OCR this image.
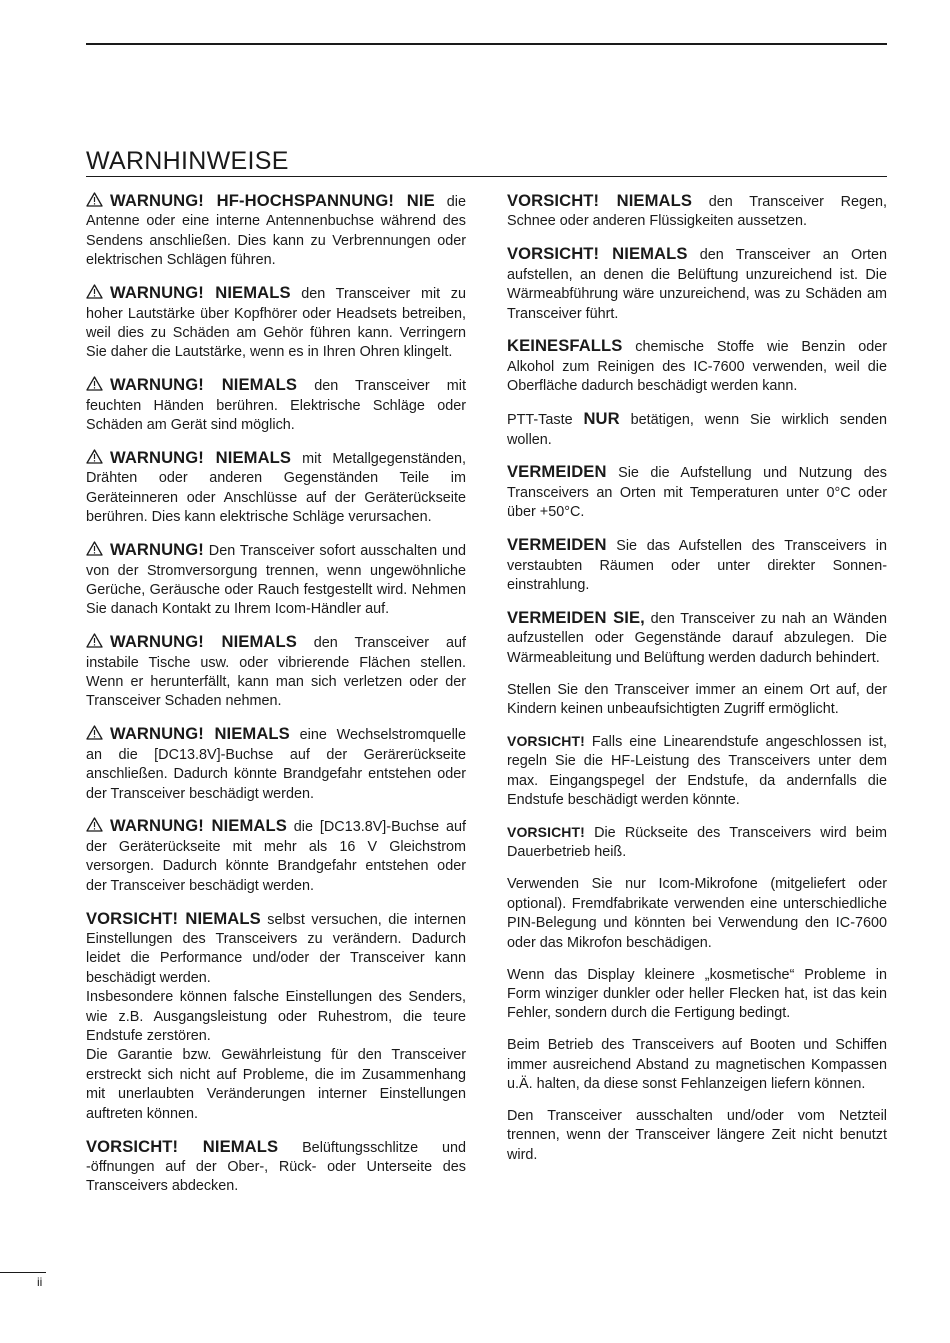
WARNHINWEISE

WARNUNG! HF-HOCHSPANNUNG! NIE die Antenne oder eine interne Antennenbuchse während des Sendens anschließen. Dies kann zu Verbrennungen oder elektrischen Schlägen führen.

WARNUNG! NIEMALS den Transceiver mit zu hoher Lautstärke über Kopfhörer oder Headsets betreiben, weil dies zu Schäden am Gehör führen kann. Verringern Sie daher die Lautstärke, wenn es in Ihren Ohren klingelt.

WARNUNG! NIEMALS den Transceiver mit feuchten Händen berühren. Elektrische Schläge oder Schäden am Gerät sind möglich.

WARNUNG! NIEMALS mit Metallgegenständen, Drähten oder anderen Gegenständen Teile im Geräteinneren oder Anschlüsse auf der Geräterückseite berühren. Dies kann elektrische Schläge verursachen.

WARNUNG! Den Transceiver sofort ausschalten und von der Stromversorgung trennen, wenn ungewöhnliche Gerüche, Geräusche oder Rauch festgestellt wird. Nehmen Sie danach Kontakt zu Ihrem Icom-Händler auf.

WARNUNG! NIEMALS den Transceiver auf instabile Tische usw. oder vibrierende Flächen stellen. Wenn er herunterfällt, kann man sich verletzen oder der Transceiver Schaden nehmen.

WARNUNG! NIEMALS eine Wechselstromquelle an die [DC13.8V]-Buchse auf der Gerärerückseite anschließen. Dadurch könnte Brandgefahr entstehen oder der Transceiver beschädigt werden.

WARNUNG! NIEMALS die [DC13.8V]-Buchse auf der Geräterückseite mit mehr als 16 V Gleichstrom versorgen. Dadurch könnte Brandgefahr entstehen oder der Transceiver beschädigt werden.

VORSICHT! NIEMALS selbst versuchen, die internen Einstellungen des Transceivers zu verändern. Dadurch leidet die Performance und/oder der Transceiver kann beschädigt werden.
Insbesondere können falsche Einstellungen des Senders, wie z.B. Ausgangsleistung oder Ruhestrom, die teure Endstufe zerstören.
Die Garantie bzw. Gewährleistung für den Transceiver erstreckt sich nicht auf Probleme, die im Zusammenhang mit unerlaubten Veränderungen interner Einstellungen auftreten können.

VORSICHT! NIEMALS Belüftungsschlitze und -öffnungen auf der Ober-, Rück- oder Unterseite des Transceivers abdecken.

VORSICHT! NIEMALS den Transceiver Regen, Schnee oder anderen Flüssigkeiten aussetzen.

VORSICHT! NIEMALS den Transceiver an Orten aufstellen, an denen die Belüftung unzureichend ist. Die Wärmeabführung wäre unzureichend, was zu Schäden am Transceiver führt.

KEINESFALLS chemische Stoffe wie Benzin oder Alkohol zum Reinigen des IC-7600 verwenden, weil die Oberfläche dadurch beschädigt werden kann.

PTT-Taste NUR betätigen, wenn Sie wirklich senden wollen.

VERMEIDEN Sie die Aufstellung und Nutzung des Transceivers an Orten mit Temperaturen unter 0°C oder über +50°C.

VERMEIDEN Sie das Aufstellen des Transceivers in verstaubten Räumen oder unter direkter Sonneneinstrahlung.

VERMEIDEN SIE, den Transceiver zu nah an Wänden aufzustellen oder Gegenstände darauf abzulegen. Die Wärmeableitung und Belüftung werden dadurch behindert.

Stellen Sie den Transceiver immer an einem Ort auf, der Kindern keinen unbeaufsichtigten Zugriff ermöglicht.

VORSICHT! Falls eine Linearendstufe angeschlossen ist, regeln Sie die HF-Leistung des Transceivers unter dem max. Eingangspegel der Endstufe, da andernfalls die Endstufe beschädigt werden könnte.

VORSICHT! Die Rückseite des Transceivers wird beim Dauerbetrieb heiß.

Verwenden Sie nur Icom-Mikrofone (mitgeliefert oder optional). Fremdfabrikate verwenden eine unterschiedliche PIN-Belegung und könnten bei Verwendung den IC-7600 oder das Mikrofon beschädigen.

Wenn das Display kleinere „kosmetische“ Probleme in Form winziger dunkler oder heller Flecken hat, ist das kein Fehler, sondern durch die Fertigung bedingt.

Beim Betrieb des Transceivers auf Booten und Schiffen immer ausreichend Abstand zu magnetischen Kompassen u.Ä. halten, da diese sonst Fehlanzeigen liefern können.

Den Transceiver ausschalten und/oder vom Netzteil trennen, wenn der Transceiver längere Zeit nicht benutzt wird.

ii
